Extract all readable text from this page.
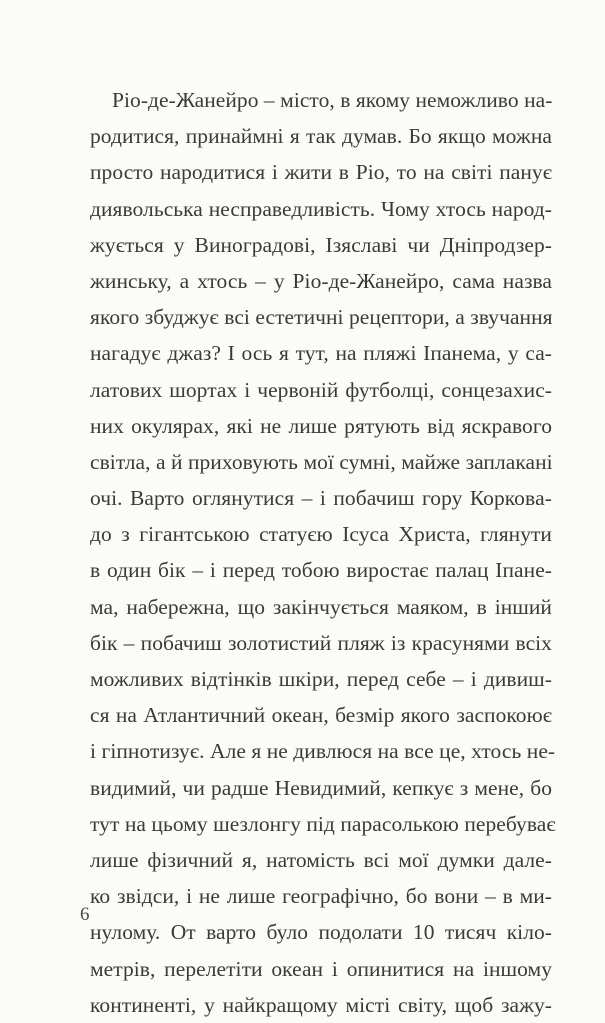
Ріо-де-Жанейро – місто, в якому неможливо на-
родитися, принаймні я так думав. Бо якщо можна
просто народитися і жити в Ріо, то на світі панує
диявольська несправедливість. Чому хтось народ-
жується у Виноградові, Ізяславі чи Дніпродзер-
жинську, а хтось – у Ріо-де-Жанейро, сама назва
якого збуджує всі естетичні рецептори, а звучання
нагадує джаз? І ось я тут, на пляжі Іпанема, у са-
латових шортах і червоній футболці, сонцезахис-
них окулярах, які не лише рятують від яскравого
світла, а й приховують мої сумні, майже заплакані
очі. Варто оглянутися – і побачиш гору Корковa-
до з гігантською статуєю Ісуса Христа, глянути
в один бік – і перед тобою виростає палац Іпане-
ма, набережна, що закінчується маяком, в інший
бік – побачиш золотистий пляж із красунями всіх
можливих відтінків шкіри, перед себе – і дивиш-
ся на Атлантичний океан, безмір якого заспокоює
і гіпнотизує. Але я не дивлюся на все це, хтось не-
видимий, чи радше Невидимий, кепкує з мене, бо
тут на цьому шезлонгу під парасолькою перебуває
лише фізичний я, натомість всі мої думки дале-
ко звідси, і не лише географічно, бо вони – в ми-
нулому. От варто було подолати 10 тисяч кіло-
метрів, перелетіти океан і опинитися на іншому
континенті, у найкращому місті світу, щоб зажу-
6
